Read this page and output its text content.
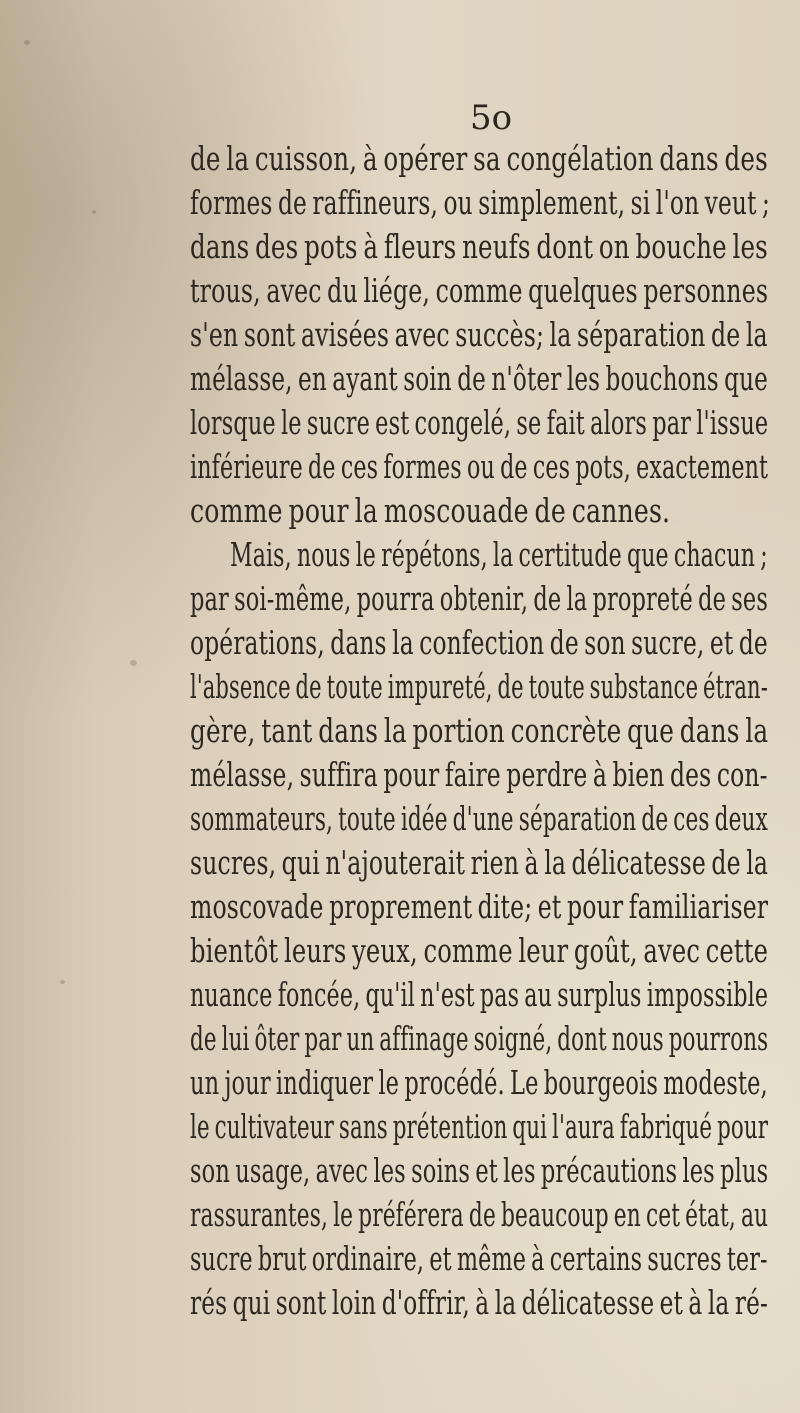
5o
de la cuisson, à opérer sa congélation dans des
formes de raffineurs, ou simplement, si l'on veut ;
dans des pots à fleurs neufs dont on bouche les
trous, avec du liége, comme quelques personnes
s'en sont avisées avec succès; la séparation de la
mélasse, en ayant soin de n'ôter les bouchons que
lorsque le sucre est congelé, se fait alors par l'issue
inférieure de ces formes ou de ces pots, exactement
comme pour la moscouade de cannes.
Mais, nous le répétons, la certitude que chacun ;
par soi-même, pourra obtenir, de la propreté de ses
opérations, dans la confection de son sucre, et de
l'absence de toute impureté, de toute substance étran-
gère, tant dans la portion concrète que dans la
mélasse, suffira pour faire perdre à bien des con-
sommateurs, toute idée d'une séparation de ces deux
sucres, qui n'ajouterait rien à la délicatesse de la
moscovade proprement dite; et pour familiariser
bientôt leurs yeux, comme leur goût, avec cette
nuance foncée, qu'il n'est pas au surplus impossible
de lui ôter par un affinage soigné, dont nous pourrons
un jour indiquer le procédé. Le bourgeois modeste,
le cultivateur sans prétention qui l'aura fabriqué pour
son usage, avec les soins et les précautions les plus
rassurantes, le préférera de beaucoup en cet état, au
sucre brut ordinaire, et même à certains sucres ter-
rés qui sont loin d'offrir, à la délicatesse et à la ré-
